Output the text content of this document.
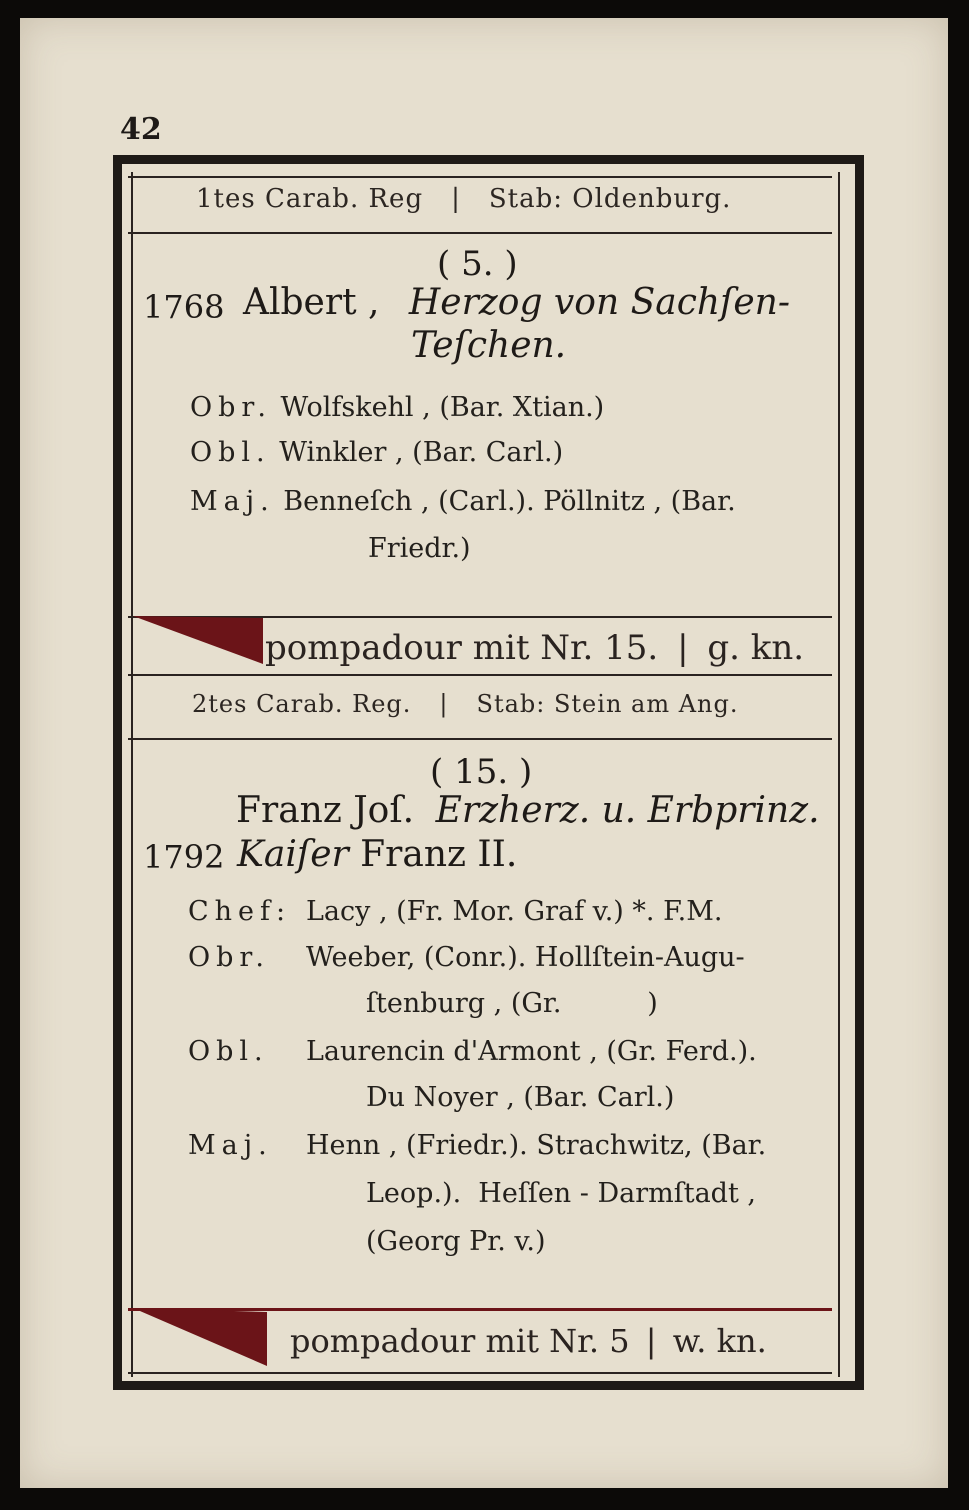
42
1tes Carab. Reg | Stab: Oldenburg.
( 5. )
1768 Albert , Herzog von Sachſen-
Teſchen.
Obr. Wolfskehl , (Bar. Xtian.)
Obl. Winkler , (Bar. Carl.)
Maj. Benneſch , (Carl.). Pöllnitz , (Bar.
Friedr.)
pompadour mit Nr. 15. | g. kn.
2tes Carab. Reg. | Stab: Stein am Ang.
( 15. )
Franz Joſ. Erzherz. u. Erbprinz.
1792 Kaiſer Franz II.
Chef: Lacy , (Fr. Mor. Graf v.) *. F.M.
Obr. Weeber, (Conr.). Hollſtein-Augu-
ſtenburg , (Gr.          )
Obl. Laurencin d'Armont , (Gr. Ferd.).
Du Noyer , (Bar. Carl.)
Maj. Henn , (Friedr.). Strachwitz, (Bar.
Leop.).  Heſſen - Darmſtadt ,
(Georg Pr. v.)
pompadour mit Nr. 5 | w. kn.
